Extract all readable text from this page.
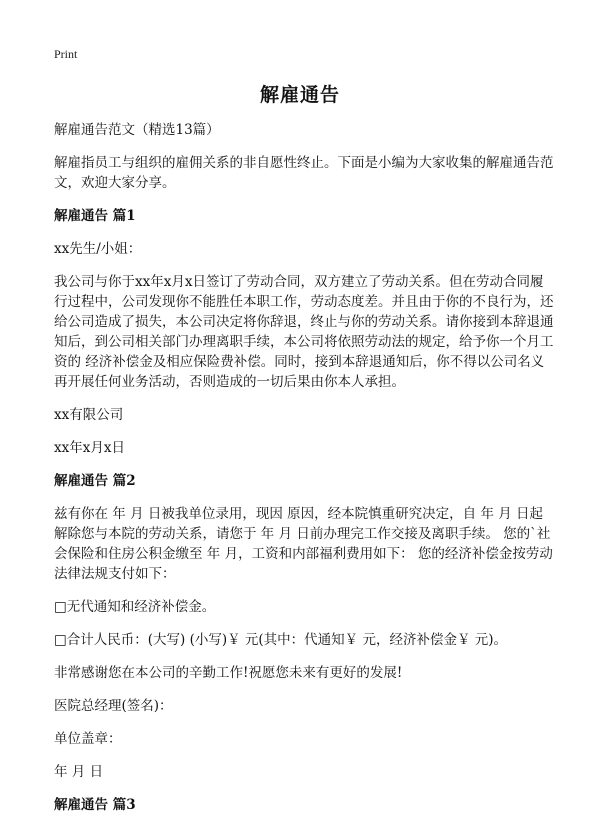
Print
解雇通告

解雇通告范文（精选13篇）

解雇指员工与组织的雇佣关系的非自愿性终止。下面是小编为大家收集的解雇通告范文，欢迎大家分享。

解雇通告 篇1

xx先生/小姐：

我公司与你于xx年x月x日签订了劳动合同，双方建立了劳动关系。但在劳动合同履行过程中，公司发现你不能胜任本职工作，劳动态度差。并且由于你的不良行为，还给公司造成了损失，本公司决定将你辞退，终止与你的劳动关系。请你接到本辞退通知后，到公司相关部门办理离职手续，本公司将依照劳动法的规定，给予你一个月工资的 经济补偿金及相应保险费补偿。同时，接到本辞退通知后，你不得以公司名义再开展任何业务活动，否则造成的一切后果由你本人承担。

xx有限公司

xx年x月x日

解雇通告 篇2

兹有你在 年 月 日被我单位录用，现因 原因，经本院慎重研究决定，自 年 月 日起解除您与本院的劳动关系，请您于 年 月 日前办理完工作交接及离职手续。 您的`社会保险和住房公积金缴至 年 月，工资和内部福利费用如下： 您的经济补偿金按劳动法律法规支付如下：

□无代通知和经济补偿金。

□合计人民币：(大写) (小写)￥ 元(其中：代通知￥ 元，经济补偿金￥ 元)。

非常感谢您在本公司的辛勤工作!祝愿您未来有更好的发展!

医院总经理(签名)：

单位盖章：

年 月 日

解雇通告 篇3
